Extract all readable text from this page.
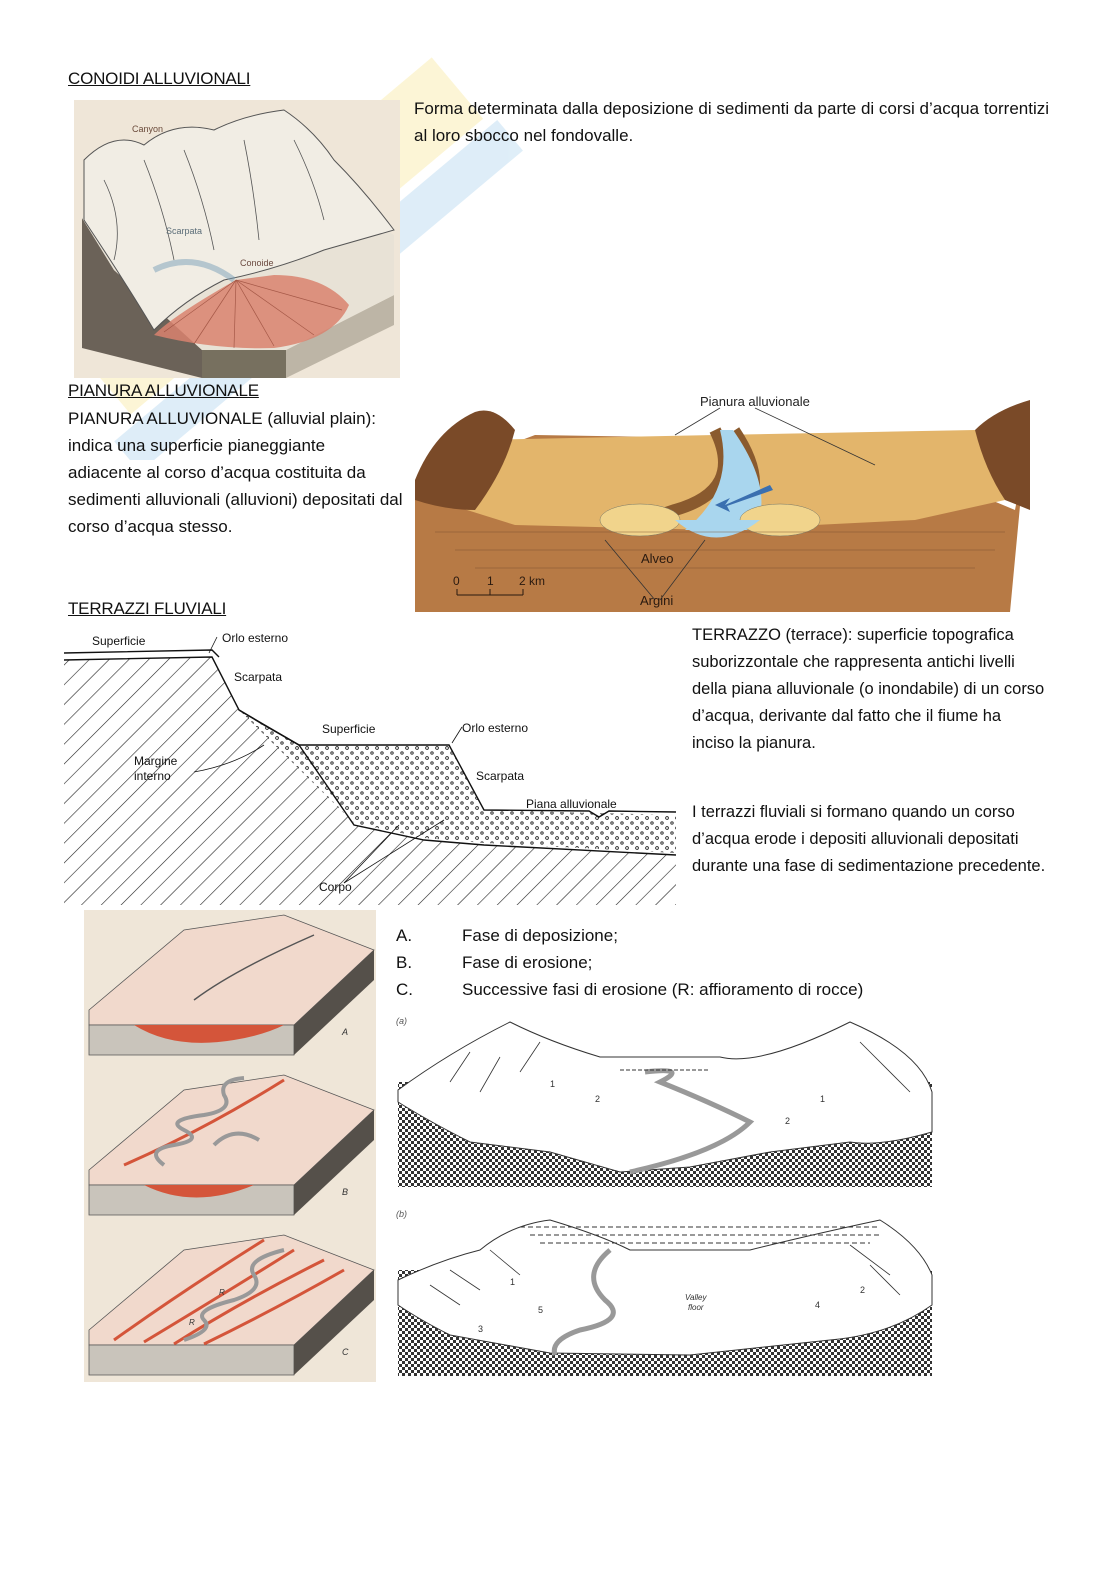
CONOIDI ALLUVIONALI
Canyon
Scarpata
Conoide
Forma determinata dalla deposizione di sedimenti da parte di corsi d’acqua torrentizi al loro sbocco nel fondovalle.
PIANURA ALLUVIONALE
PIANURA ALLUVIONALE (alluvial plain): indica una superficie pianeggiante adiacente al corso d’acqua costituita da sedimenti alluvionali (alluvioni) depositati dal corso d’acqua stesso.
Pianura alluvionale
Alveo
Argini
0 1 2 km
TERRAZZI FLUVIALI
Superficie	Orlo esterno
Scarpata
Superficie	Orlo esterno
Margine
interno	Scarpata
Piana alluvionale
Corpo
TERRAZZO (terrace): superficie topografica suborizzontale che rappresenta antichi livelli della piana alluvionale (o inondabile) di un corso d’acqua, derivante dal fatto che il fiume ha inciso la pianura.
I terrazzi fluviali si formano quando un corso d’acqua erode i depositi alluvionali depositati durante una fase di sedimentazione precedente.
A.	Fase di deposizione;
B.	Fase di erosione;
C.	Successive fasi di erosione (R: affioramento di rocce)
A
B
R
R
C
(a)
1
2	1
2
(b)
Valley
floor
1
5
3
4
2
